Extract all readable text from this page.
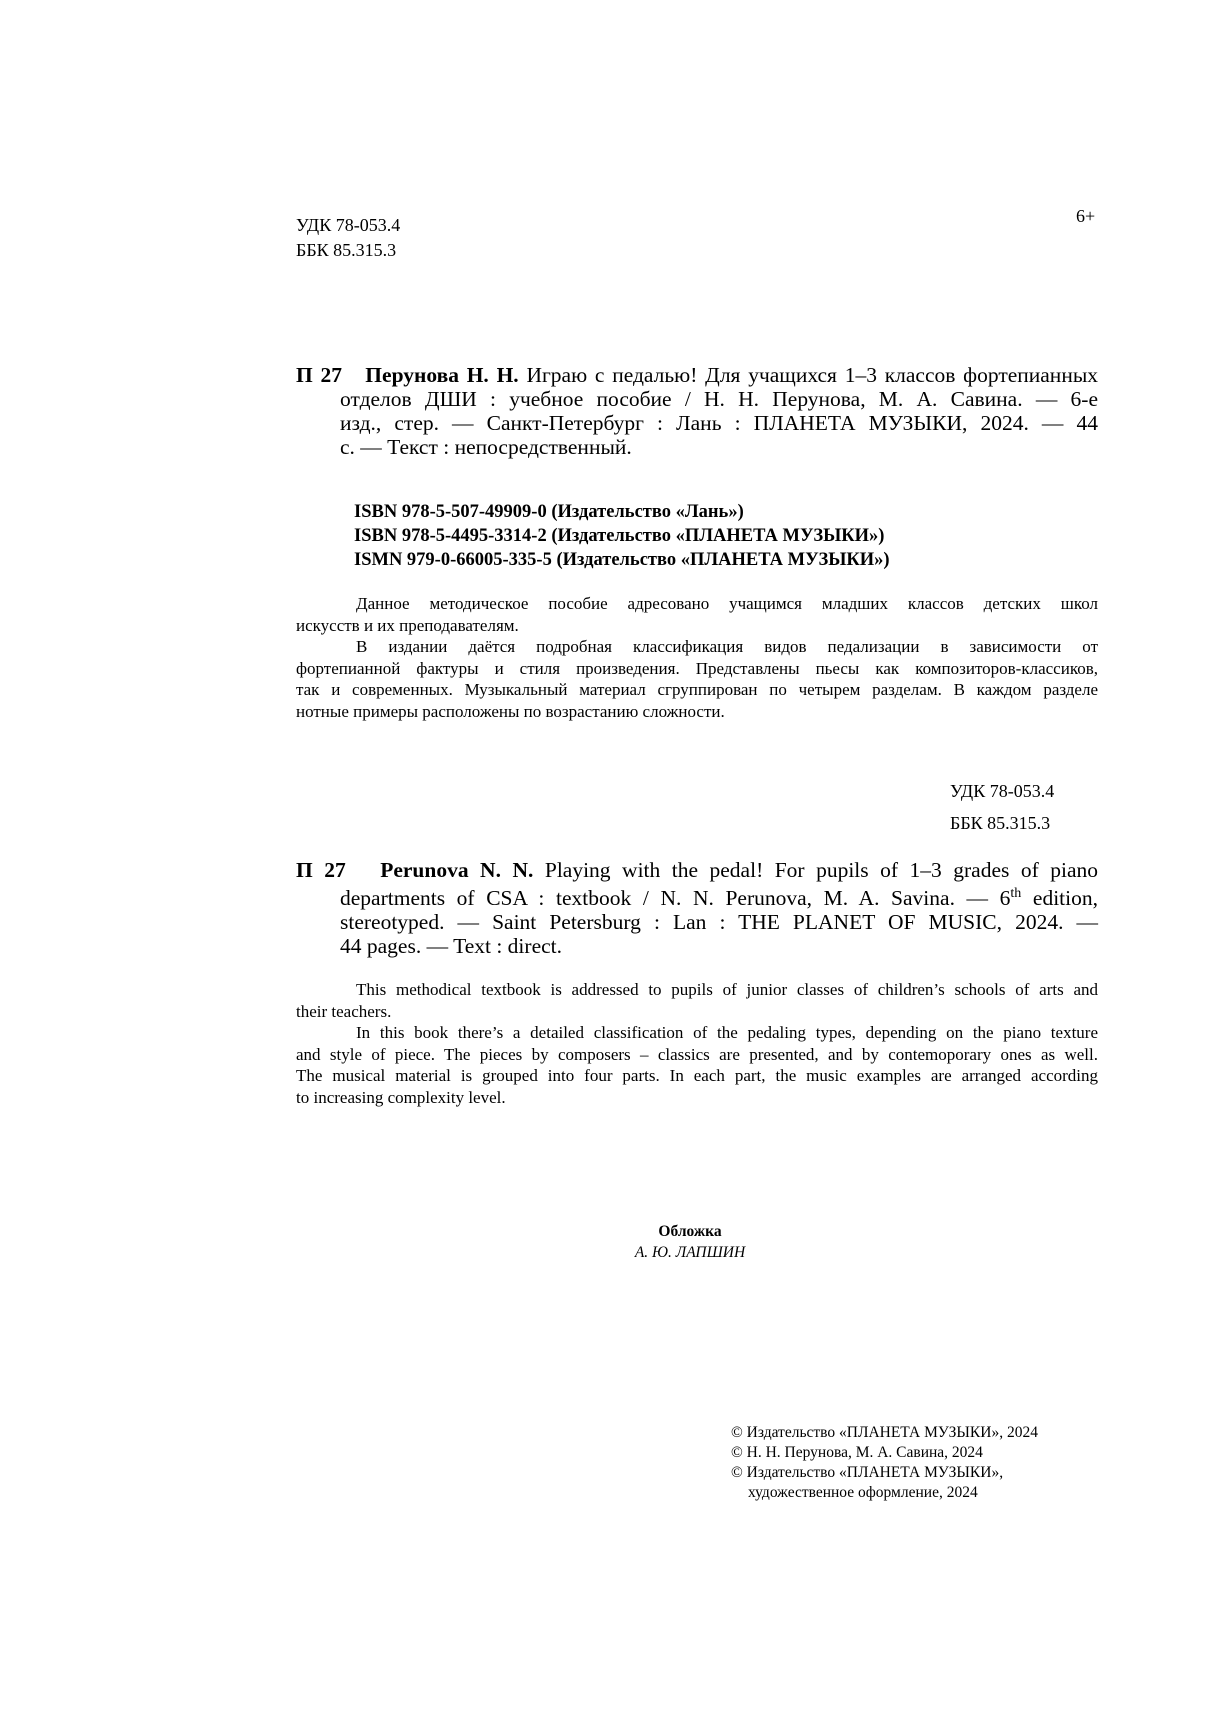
6+
УДК 78-053.4
ББК 85.315.3
П 27 Перунова Н. Н. Играю с педалью! Для учащихся 1–3 классов фортепианных
отделов ДШИ : учебное пособие / Н. Н. Перунова, М. А. Савина. — 6-е
изд., стер. — Санкт-Петербург : Лань : ПЛАНЕТА МУЗЫКИ, 2024. — 44
с. — Текст : непосредственный.
ISBN 978-5-507-49909-0 (Издательство «Лань»)
ISBN 978-5-4495-3314-2 (Издательство «ПЛАНЕТА МУЗЫКИ»)
ISMN 979-0-66005-335-5 (Издательство «ПЛАНЕТА МУЗЫКИ»)

Данное методическое пособие адресовано учащимся младших классов детских школ

искусств и их преподавателям.

В издании даётся подробная классификация видов педализации в зависимости от

фортепианной фактуры и стиля произведения. Представлены пьесы как композиторов-классиков,

так и современных. Музыкальный материал сгруппирован по четырем разделам. В каждом разделе

нотные примеры расположены по возрастанию сложности.

УДК 78-053.4
ББК 85.315.3
П 27 Perunova N. N. Playing with the pedal! For pupils of 1–3 grades of piano
departments of CSA : textbook / N. N. Perunova, M. A. Savina. — 6th edition,
stereotyped. — Saint Petersburg : Lan : THE PLANET OF MUSIC, 2024. —
44 pages. — Text : direct.

This methodical textbook is addressed to pupils of junior classes of children’s schools of arts and

their teachers.

In this book there’s a detailed classification of the pedaling types, depending on the piano texture

and style of piece. The pieces by composers – classics are presented, and by contemoporary ones as well.

The musical material is grouped into four parts. In each part, the music examples are arranged according

to increasing complexity level.

Обложка
А. Ю. ЛАПШИН
© Издательство «ПЛАНЕТА МУЗЫКИ», 2024
© Н. Н. Перунова, М. А. Савина, 2024
© Издательство «ПЛАНЕТА МУЗЫКИ»,
художественное оформление, 2024
